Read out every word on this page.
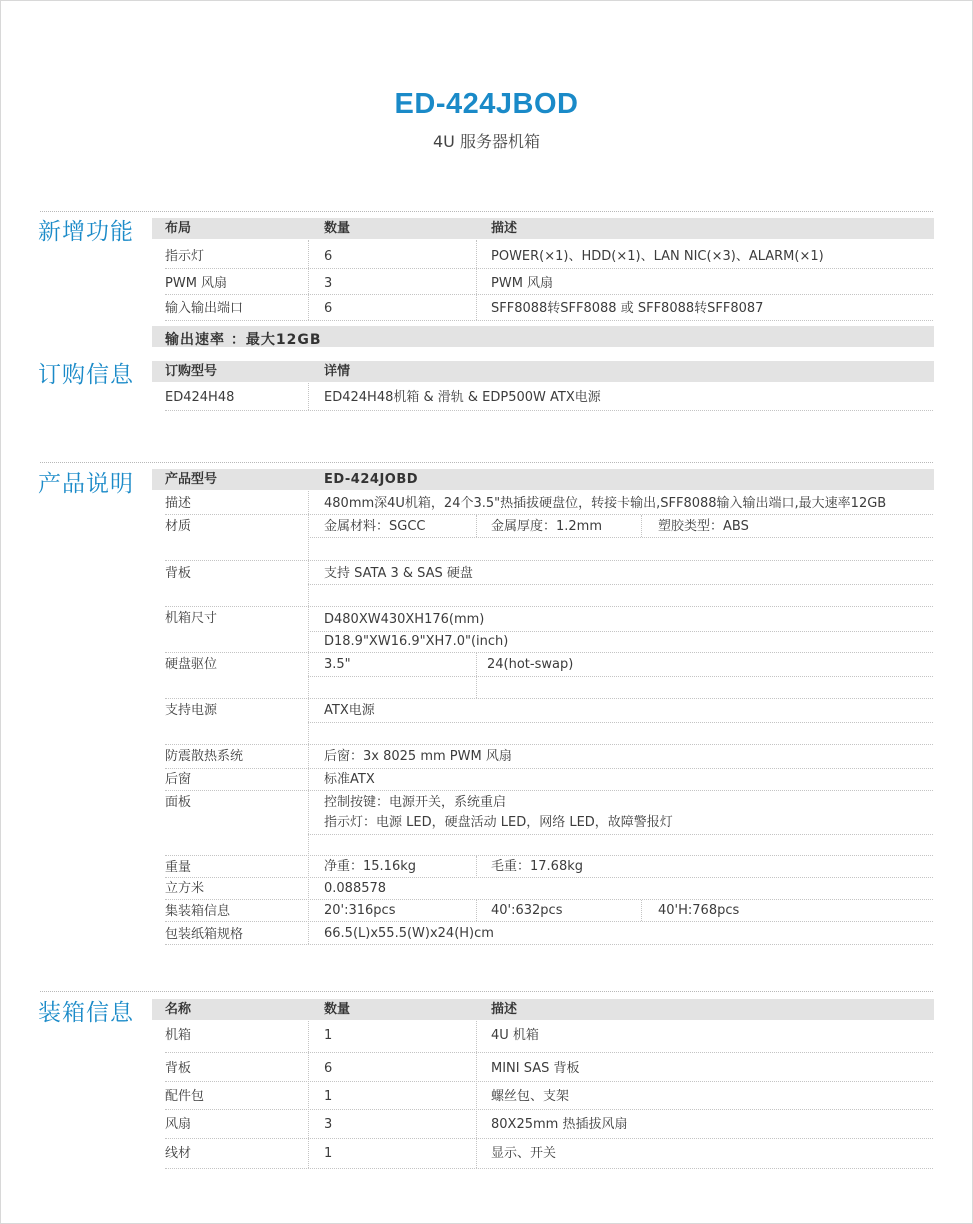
ED-424JBOD
4U 服务器机箱
新增功能 布局	数量	描述
指示灯	6	POWER(×1)、HDD(×1)、LAN NIC(×3)、ALARM(×1)
PWM 风扇	3	PWM 风扇
输入输出端口	6	SFF8088转SFF8088 或 SFF8088转SFF8087
输出速率 ：最大12GB
订购信息 订购型号	详情
ED424H48	ED424H48机箱 & 滑轨 & EDP500W ATX电源
产品说明 产品型号	ED-424JOBD
描述	480mm深4U机箱，24个3.5"热插拔硬盘位，转接卡输出,SFF8088输入输出端口,最大速率12GB
材质	金属材料：SGCC	金属厚度：1.2mm	塑胶类型：ABS
背板	支持 SATA 3 & SAS 硬盘
机箱尺寸	D480XW430XH176(mm)
D18.9"XW16.9"XH7.0"(inch)
硬盘驱位	3.5"	24(hot-swap)
支持电源	ATX电源
防震散热系统	后窗：3x 8025 mm PWM 风扇
后窗	标准ATX
面板	控制按键：电源开关，系统重启
指示灯：电源 LED，硬盘活动 LED，网络 LED，故障警报灯
重量	净重：15.16kg	毛重：17.68kg
立方米	0.088578
集装箱信息	20':316pcs	40':632pcs	40'H:768pcs
包装纸箱规格	66.5(L)x55.5(W)x24(H)cm
装箱信息 名称	数量	描述
机箱	1	4U 机箱
背板	6	MINI SAS 背板
配件包	1	螺丝包、支架
风扇	3	80X25mm 热插拔风扇
线材	1	显示、开关
